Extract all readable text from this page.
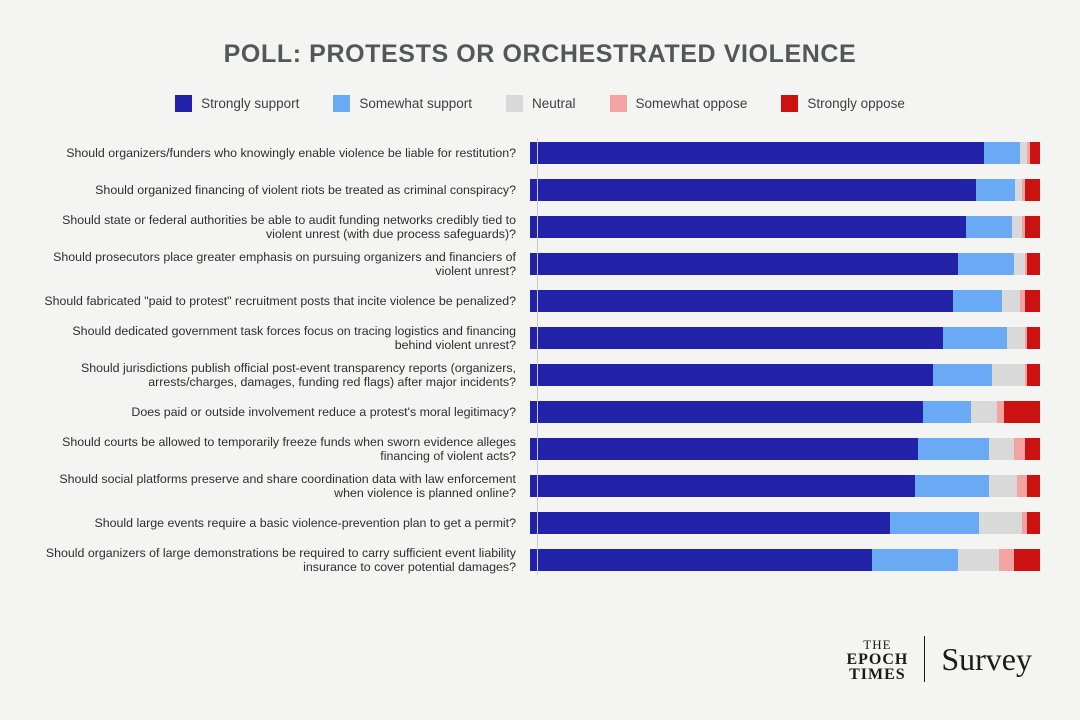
POLL: PROTESTS OR ORCHESTRATED VIOLENCE
Strongly support	Somewhat support	Neutral	Somewhat oppose	Strongly oppose
Should organizers/funders who knowingly enable violence be liable for restitution?
Should organized financing of violent riots be treated as criminal conspiracy?
Should state or federal authorities be able to audit funding networks credibly tied to violent unrest (with due process safeguards)?
Should prosecutors place greater emphasis on pursuing organizers and financiers of violent unrest?
Should fabricated "paid to protest" recruitment posts that incite violence be penalized?
Should dedicated government task forces focus on tracing logistics and financing behind violent unrest?
Should jurisdictions publish official post-event transparency reports (organizers, arrests/charges, damages, funding red flags) after major incidents?
Does paid or outside involvement reduce a protest's moral legitimacy?
Should courts be allowed to temporarily freeze funds when sworn evidence alleges financing of violent acts?
Should social platforms preserve and share coordination data with law enforcement when violence is planned online?
Should large events require a basic violence-prevention plan to get a permit?
Should organizers of large demonstrations be required to carry sufficient event liability insurance to cover potential damages?
THE
EPOCH
TIMES Survey
